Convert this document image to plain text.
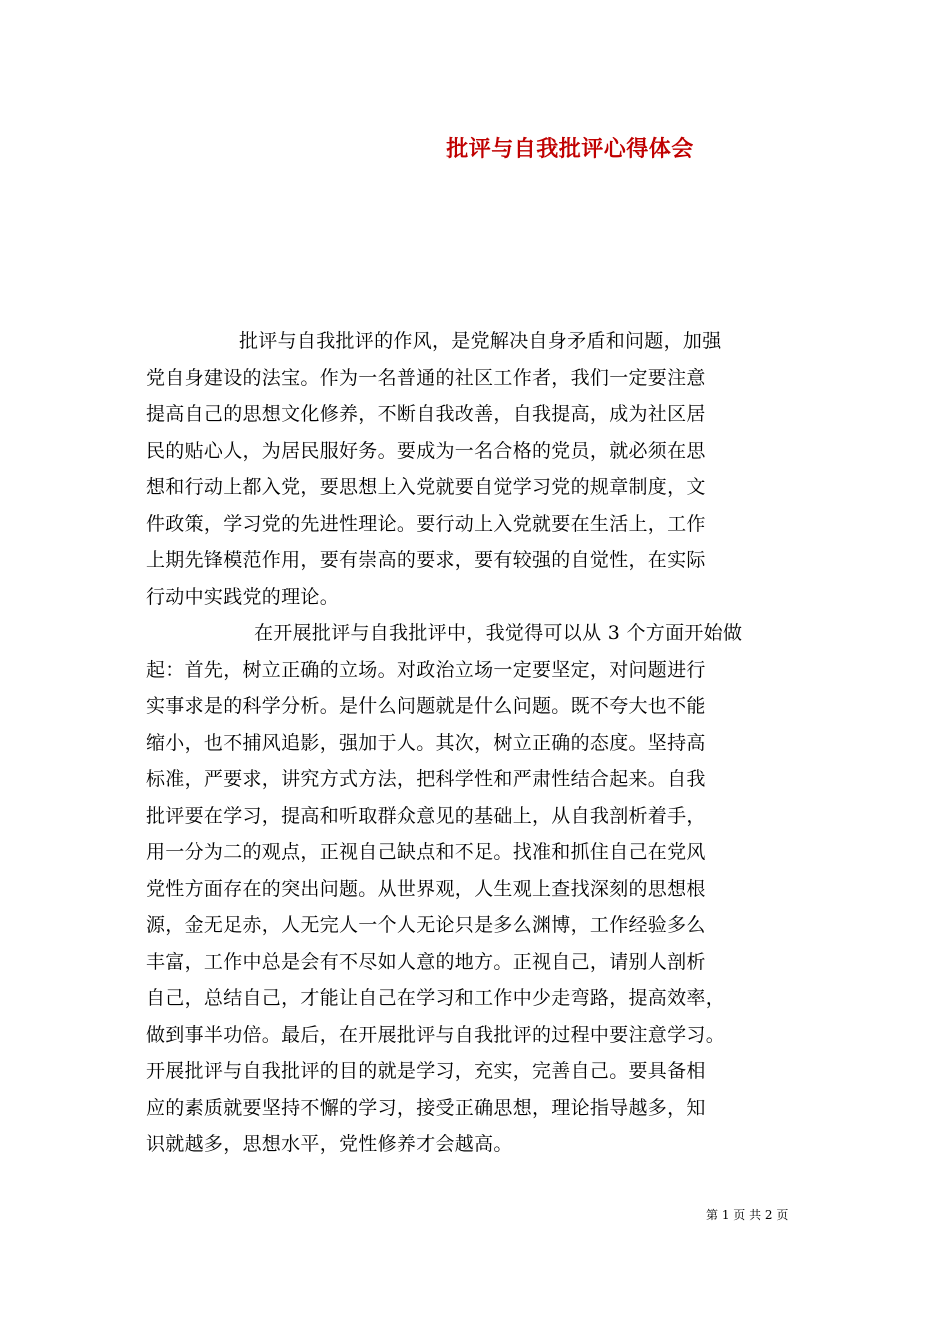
批评与自我批评心得体会
批评与自我批评的作风，是党解决自身矛盾和问题，加强
党自身建设的法宝。作为一名普通的社区工作者，我们一定要注意
提高自己的思想文化修养，不断自我改善，自我提高，成为社区居
民的贴心人，为居民服好务。要成为一名合格的党员，就必须在思
想和行动上都入党，要思想上入党就要自觉学习党的规章制度，文
件政策，学习党的先进性理论。要行动上入党就要在生活上，工作
上期先锋模范作用，要有崇高的要求，要有较强的自觉性，在实际
行动中实践党的理论。
在开展批评与自我批评中，我觉得可以从 3 个方面开始做
起：首先，树立正确的立场。对政治立场一定要坚定，对问题进行
实事求是的科学分析。是什么问题就是什么问题。既不夸大也不能
缩小，也不捕风追影，强加于人。其次，树立正确的态度。坚持高
标准，严要求，讲究方式方法，把科学性和严肃性结合起来。自我
批评要在学习，提高和听取群众意见的基础上，从自我剖析着手，
用一分为二的观点，正视自己缺点和不足。找准和抓住自己在党风
党性方面存在的突出问题。从世界观，人生观上查找深刻的思想根
源，金无足赤，人无完人一个人无论只是多么渊博，工作经验多么
丰富，工作中总是会有不尽如人意的地方。正视自己，请别人剖析
自己，总结自己，才能让自己在学习和工作中少走弯路，提高效率，
做到事半功倍。最后，在开展批评与自我批评的过程中要注意学习。
开展批评与自我批评的目的就是学习，充实，完善自己。要具备相
应的素质就要坚持不懈的学习，接受正确思想，理论指导越多，知
识就越多，思想水平，党性修养才会越高。
第 1 页 共 2 页
